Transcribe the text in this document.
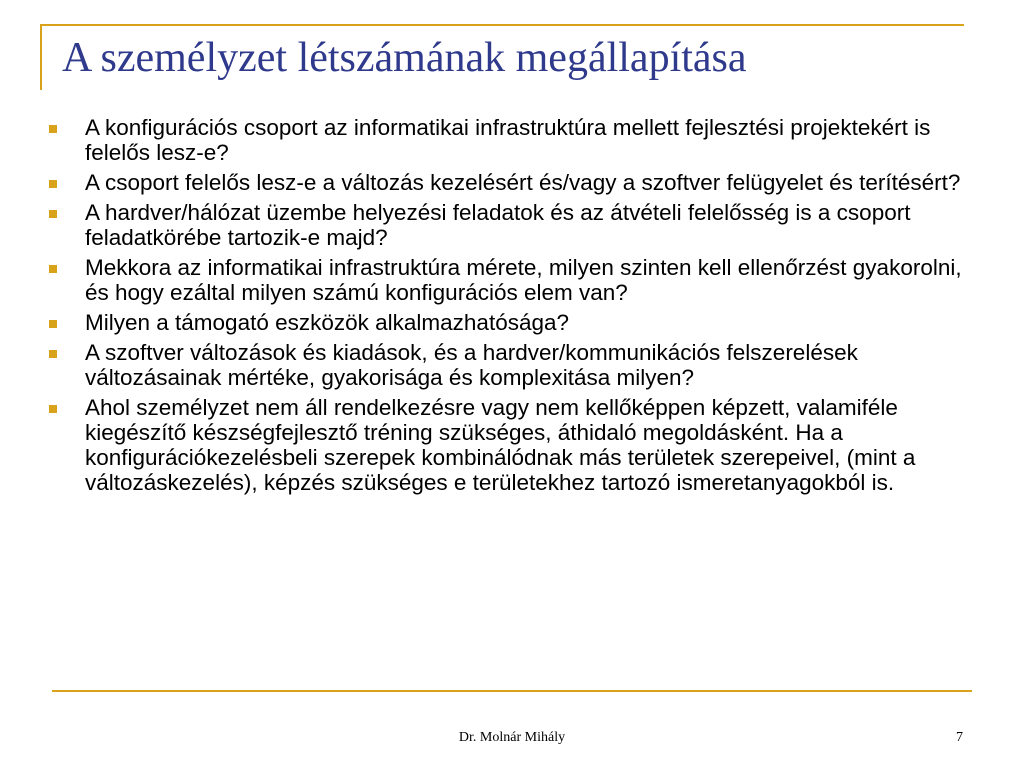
A személyzet létszámának megállapítása
A konfigurációs csoport az informatikai infrastruktúra mellett fejlesztési projektekért is felelős lesz-e?
A csoport felelős lesz-e a változás kezelésért és/vagy a szoftver felügyelet és terítésért?
A hardver/hálózat üzembe helyezési feladatok és az átvételi felelősség is a csoport feladatkörébe tartozik-e majd?
Mekkora az informatikai infrastruktúra mérete, milyen szinten kell ellenőrzést gyakorolni, és hogy ezáltal milyen számú konfigurációs elem van?
Milyen a támogató eszközök alkalmazhatósága?
A szoftver változások és kiadások, és a hardver/kommunikációs felszerelések változásainak mértéke, gyakorisága és komplexitása milyen?
Ahol személyzet nem áll rendelkezésre vagy nem kellőképpen képzett, valamiféle kiegészítő készségfejlesztő tréning szükséges, áthidaló megoldásként. Ha a konfigurációkezelésbeli szerepek kombinálódnak más területek szerepeivel, (mint a változáskezelés), képzés szükséges e területekhez tartozó ismeretanyagokból is.
Dr. Molnár Mihály	7
